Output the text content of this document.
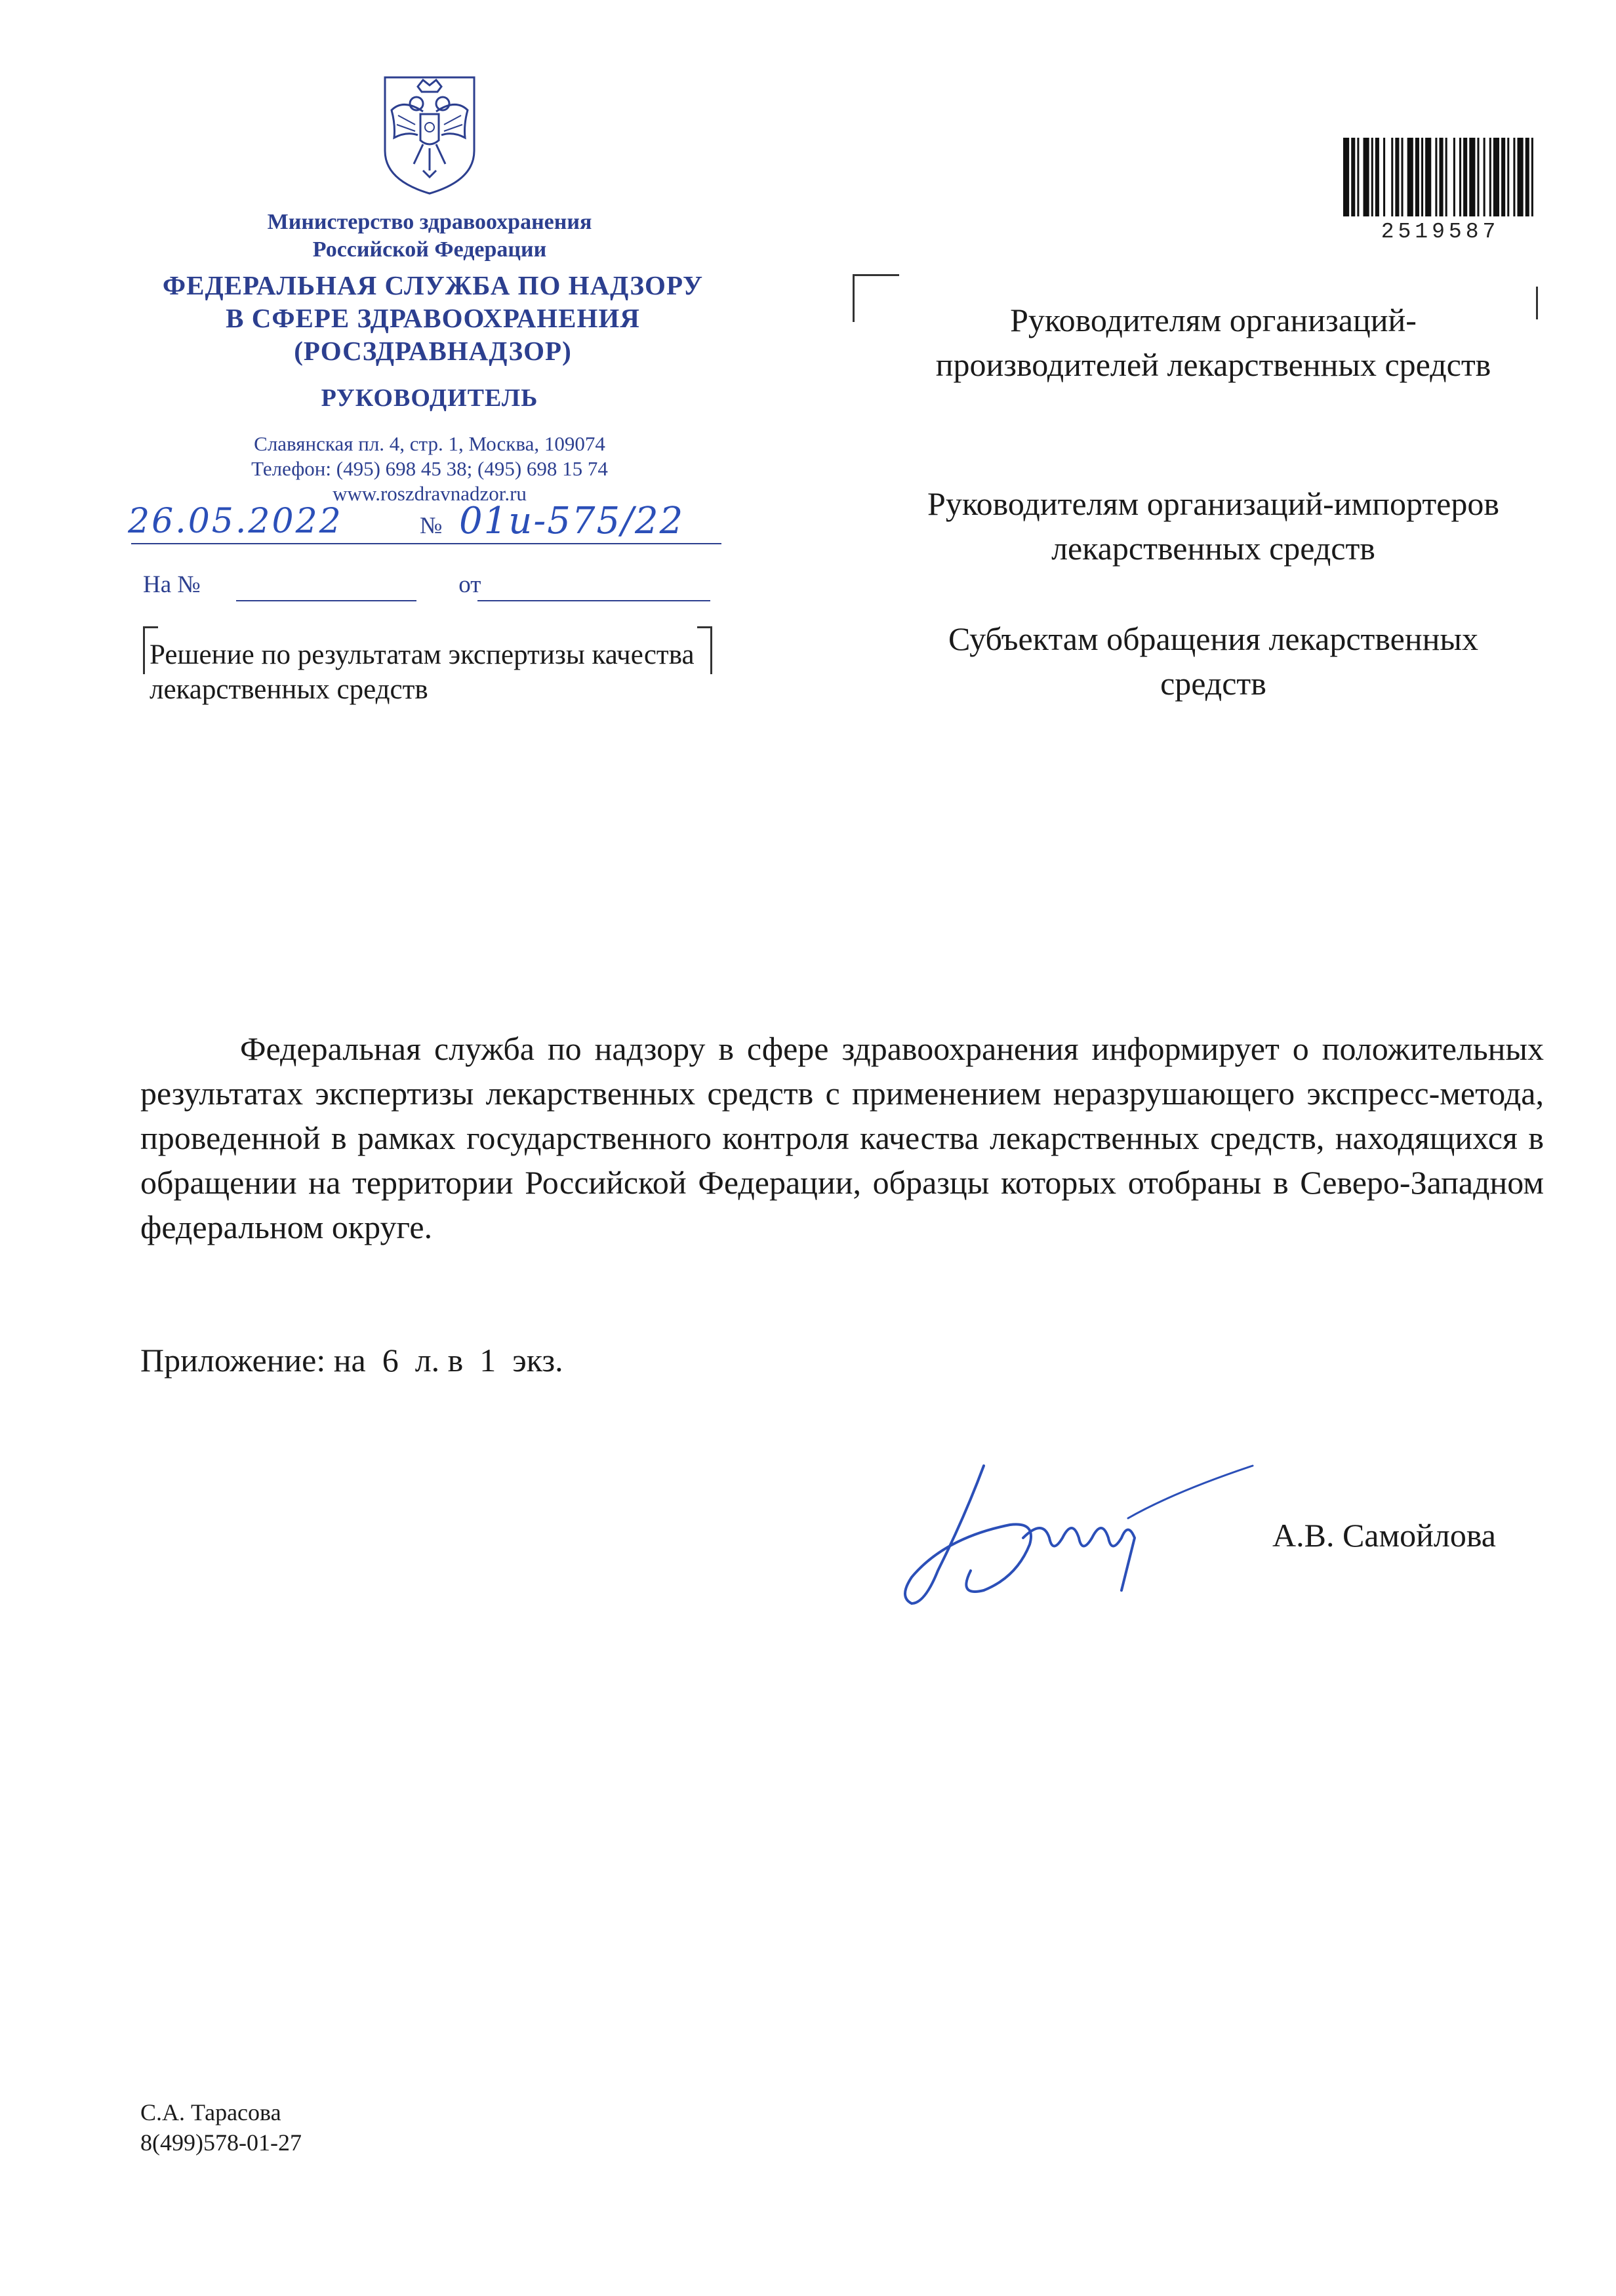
Министерство здравоохранения
Российской Федерации
ФЕДЕРАЛЬНАЯ СЛУЖБА ПО НАДЗОРУ
В СФЕРЕ ЗДРАВООХРАНЕНИЯ
(РОСЗДРАВНАДЗОР)
РУКОВОДИТЕЛЬ
Славянская пл. 4, стр. 1, Москва, 109074
Телефон: (495) 698 45 38; (495) 698 15 74
www.roszdravnadzor.ru
26.05.2022	№ 01и-575/22
На №	от
Решение по результатам экспертизы качества лекарственных средств
2519587
Руководителям организаций-производителей лекарственных средств
Руководителям организаций-импортеров лекарственных средств
Субъектам обращения лекарственных средств
Федеральная служба по надзору в сфере здравоохранения информирует о положительных результатах экспертизы лекарственных средств с применением неразрушающего экспресс-метода, проведенной в рамках государственного контроля качества лекарственных средств, находящихся в обращении на территории Российской Федерации, образцы которых отобраны в Северо-Западном федеральном округе.
Приложение: на  6  л. в  1  экз.
А.В. Самойлова
С.А. Тарасова
8(499)578-01-27
